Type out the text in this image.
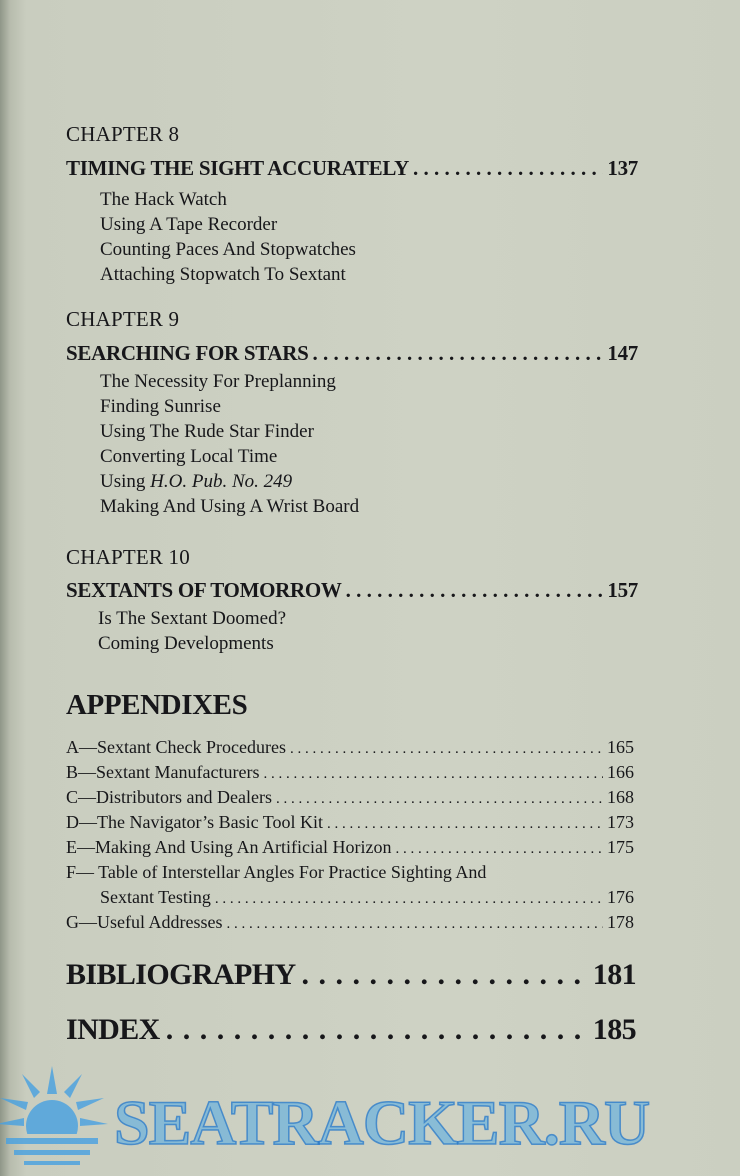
CHAPTER 8
TIMING THE SIGHT ACCURATELY . . .	137
The Hack Watch
Using A Tape Recorder
Counting Paces And Stopwatches
Attaching Stopwatch To Sextant
CHAPTER 9
SEARCHING FOR STARS . . .	147
The Necessity For Preplanning
Finding Sunrise
Using The Rude Star Finder
Converting Local Time
Using H.O. Pub. No. 249
Making And Using A Wrist Board
CHAPTER 10
SEXTANTS OF TOMORROW . . .	157
Is The Sextant Doomed?
Coming Developments
APPENDIXES
A—Sextant Check Procedures . . .	165
B—Sextant Manufacturers . . .	166
C—Distributors and Dealers . . .	168
D—The Navigator’s Basic Tool Kit . . .	173
E—Making And Using An Artificial Horizon . . .	175
F— Table of Interstellar Angles For Practice Sighting And
Sextant Testing . . .	176
G—Useful Addresses . . .	178
BIBLIOGRAPHY . . .	181
INDEX . . .	185
SEATRACKER.RU
